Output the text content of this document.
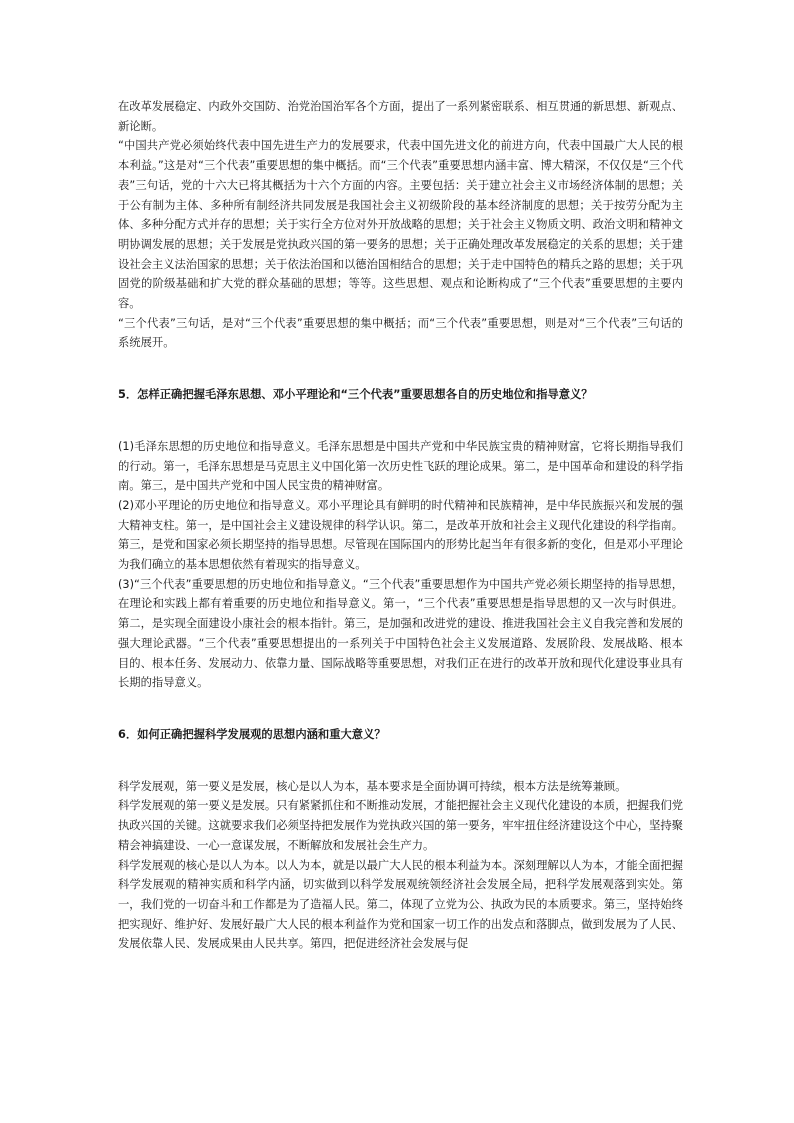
在改革发展稳定、内政外交国防、治党治国治军各个方面，提出了一系列紧密联系、相互贯通的新思想、新观点、新论断。

“中国共产党必须始终代表中国先进生产力的发展要求，代表中国先进文化的前进方向，代表中国最广大人民的根本利益。”这是对“三个代表”重要思想的集中概括。而“三个代表”重要思想内涵丰富、博大精深，不仅仅是“三个代表”三句话，党的十六大已将其概括为十六个方面的内容。主要包括：关于建立社会主义市场经济体制的思想；关于公有制为主体、多种所有制经济共同发展是我国社会主义初级阶段的基本经济制度的思想；关于按劳分配为主体、多种分配方式并存的思想；关于实行全方位对外开放战略的思想；关于社会主义物质文明、政治文明和精神文明协调发展的思想；关于发展是党执政兴国的第一要务的思想；关于正确处理改革发展稳定的关系的思想；关于建设社会主义法治国家的思想；关于依法治国和以德治国相结合的思想；关于走中国特色的精兵之路的思想；关于巩固党的阶级基础和扩大党的群众基础的思想；等等。这些思想、观点和论断构成了“三个代表”重要思想的主要内容。

“三个代表”三句话，是对“三个代表”重要思想的集中概括；而“三个代表”重要思想，则是对“三个代表”三句话的系统展开。

5．怎样正确把握毛泽东思想、邓小平理论和“三个代表”重要思想各自的历史地位和指导意义？

(1)毛泽东思想的历史地位和指导意义。毛泽东思想是中国共产党和中华民族宝贵的精神财富，它将长期指导我们的行动。第一，毛泽东思想是马克思主义中国化第一次历史性飞跃的理论成果。第二，是中国革命和建设的科学指南。第三，是中国共产党和中国人民宝贵的精神财富。

(2)邓小平理论的历史地位和指导意义。邓小平理论具有鲜明的时代精神和民族精神，是中华民族振兴和发展的强大精神支柱。第一，是中国社会主义建设规律的科学认识。第二，是改革开放和社会主义现代化建设的科学指南。第三，是党和国家必须长期坚持的指导思想。尽管现在国际国内的形势比起当年有很多新的变化，但是邓小平理论为我们确立的基本思想依然有着现实的指导意义。

(3)“三个代表”重要思想的历史地位和指导意义。“三个代表”重要思想作为中国共产党必须长期坚持的指导思想，在理论和实践上都有着重要的历史地位和指导意义。第一，“三个代表”重要思想是指导思想的又一次与时俱进。第二，是实现全面建设小康社会的根本指针。第三，是加强和改进党的建设、推进我国社会主义自我完善和发展的强大理论武器。“三个代表”重要思想提出的一系列关于中国特色社会主义发展道路、发展阶段、发展战略、根本目的、根本任务、发展动力、依靠力量、国际战略等重要思想，对我们正在进行的改革开放和现代化建设事业具有长期的指导意义。

6．如何正确把握科学发展观的思想内涵和重大意义？

科学发展观，第一要义是发展，核心是以人为本，基本要求是全面协调可持续，根本方法是统筹兼顾。

科学发展观的第一要义是发展。只有紧紧抓住和不断推动发展，才能把握社会主义现代化建设的本质，把握我们党执政兴国的关键。这就要求我们必须坚持把发展作为党执政兴国的第一要务，牢牢扭住经济建设这个中心，坚持聚精会神搞建设、一心一意谋发展，不断解放和发展社会生产力。

科学发展观的核心是以人为本。以人为本，就是以最广大人民的根本利益为本。深刻理解以人为本，才能全面把握科学发展观的精神实质和科学内涵，切实做到以科学发展观统领经济社会发展全局，把科学发展观落到实处。第一，我们党的一切奋斗和工作都是为了造福人民。第二，体现了立党为公、执政为民的本质要求。第三，坚持始终把实现好、维护好、发展好最广大人民的根本利益作为党和国家一切工作的出发点和落脚点，做到发展为了人民、发展依靠人民、发展成果由人民共享。第四，把促进经济社会发展与促
